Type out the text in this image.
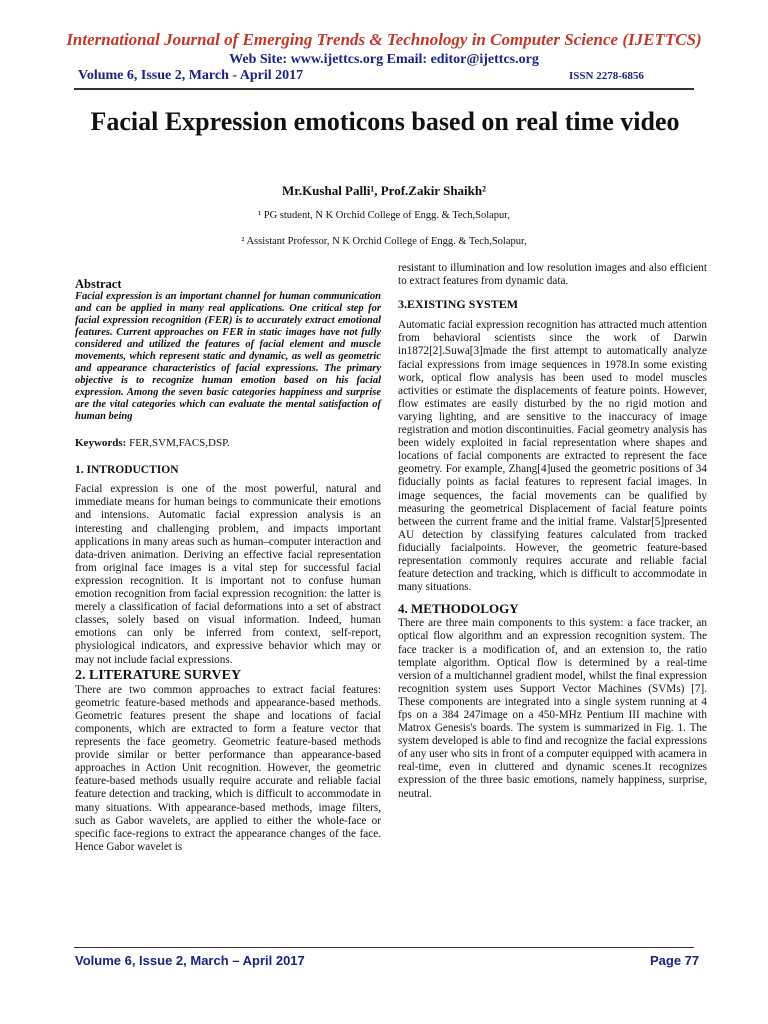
International Journal of Emerging Trends & Technology in Computer Science (IJETTCS)
Web Site: www.ijettcs.org Email: editor@ijettcs.org
Volume 6, Issue 2, March - April 2017	ISSN 2278-6856
Facial Expression emoticons based on real time video
Mr.Kushal Palli¹, Prof.Zakir Shaikh²
¹ PG student, N K Orchid College of Engg. & Tech,Solapur,
² Assistant Professor, N K Orchid College of Engg. & Tech,Solapur,

Abstract

Facial expression is an important channel for human communication and can be applied in many real applications. One critical step for facial expression recognition (FER) is to accurately extract emotional features. Current approaches on FER in static images have not fully considered and utilized the features of facial element and muscle movements, which represent static and dynamic, as well as geometric and appearance characteristics of facial expressions. The primary objective is to recognize human emotion based on his facial expression. Among the seven basic categories happiness and surprise are the vital categories which can evaluate the mental satisfaction of human being

Keywords: FER,SVM,FACS,DSP.

1. INTRODUCTION

Facial expression is one of the most powerful, natural and immediate means for human beings to communicate their emotions and intensions. Automatic facial expression analysis is an interesting and challenging problem, and impacts important applications in many areas such as human–computer interaction and data-driven animation. Deriving an effective facial representation from original face images is a vital step for successful facial expression recognition. It is important not to confuse human emotion recognition from facial expression recognition: the latter is merely a classification of facial deformations into a set of abstract classes, solely based on visual information. Indeed, human emotions can only be inferred from context, self-report, physiological indicators, and expressive behavior which may or may not include facial expressions.

2. LITERATURE SURVEY

There are two common approaches to extract facial features: geometric feature-based methods and appearance-based methods. Geometric features present the shape and locations of facial components, which are extracted to form a feature vector that represents the face geometry. Geometric feature-based methods provide similar or better performance than appearance-based approaches in Action Unit recognition. However, the geometric feature-based methods usually require accurate and reliable facial feature detection and tracking, which is difficult to accommodate in many situations. With appearance-based methods, image filters, such as Gabor wavelets, are applied to either the whole-face or specific face-regions to extract the appearance changes of the face. Hence Gabor wavelet is

resistant to illumination and low resolution images and also efficient to extract features from dynamic data.

3.EXISTING SYSTEM

Automatic facial expression recognition has attracted much attention from behavioral scientists since the work of Darwin in1872[2].Suwa[3]made the first attempt to automatically analyze facial expressions from image sequences in 1978.In some existing work, optical flow analysis has been used to model muscles activities or estimate the displacements of feature points. However, flow estimates are easily disturbed by the no rigid motion and varying lighting, and are sensitive to the inaccuracy of image registration and motion discontinuities. Facial geometry analysis has been widely exploited in facial representation where shapes and locations of facial components are extracted to represent the face geometry. For example, Zhang[4]used the geometric positions of 34 fiducially points as facial features to represent facial images. In image sequences, the facial movements can be qualified by measuring the geometrical Displacement of facial feature points between the current frame and the initial frame. Valstar[5]presented AU detection by classifying features calculated from tracked fiducially facialpoints. However, the geometric feature-based representation commonly requires accurate and reliable facial feature detection and tracking, which is difficult to accommodate in many situations.

4. METHODOLOGY

There are three main components to this system: a face tracker, an optical flow algorithm and an expression recognition system. The face tracker is a modification of, and an extension to, the ratio template algorithm. Optical flow is determined by a real-time version of a multichannel gradient model, whilst the final expression recognition system uses Support Vector Machines (SVMs) [7]. These components are integrated into a single system running at 4 fps on a 384 247image on a 450-MHz Pentium III machine with Matrox Genesis's boards. The system is summarized in Fig. 1. The system developed is able to find and recognize the facial expressions of any user who sits in front of a computer equipped with acamera in real-time, even in cluttered and dynamic scenes.It recognizes expression of the three basic emotions, namely happiness, surprise, neutral.

Volume 6, Issue 2, March – April 2017	Page 77
